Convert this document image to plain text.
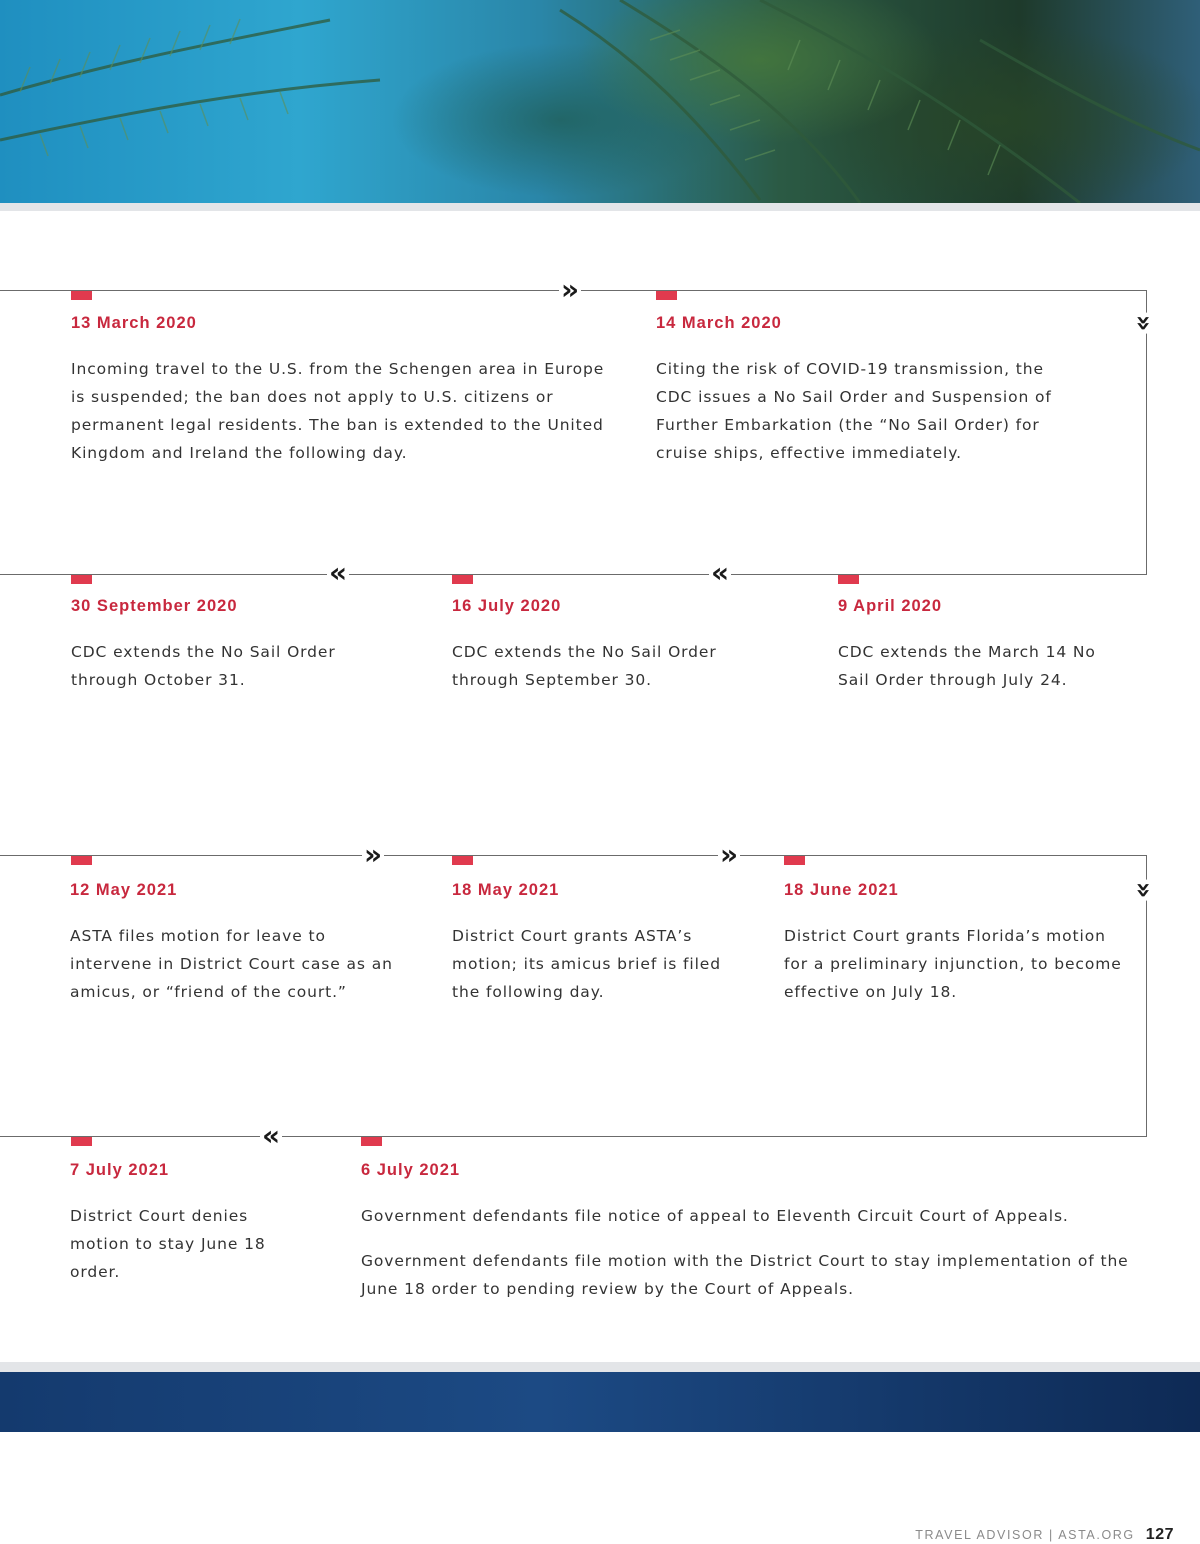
»
»
«
«
»	»
»
«
13 March 2020

Incoming travel to the U.S. from the Schengen area in Europe is suspended; the ban does not apply to U.S. citizens or permanent legal residents. The ban is extended to the United Kingdom and Ireland the following day.

14 March 2020

Citing the risk of COVID-19 transmission, the CDC issues a No Sail Order and Suspension of Further Embarkation (the “No Sail Order) for cruise ships, effective immediately.

9 April 2020

CDC extends the March 14 No Sail Order through July 24.

16 July 2020

CDC extends the No Sail Order through September 30.

30 September 2020

CDC extends the No Sail Order through October 31.

12 May 2021

ASTA files motion for leave to intervene in District Court case as an amicus, or “friend of the court.”

18 May 2021

District Court grants ASTA’s motion; its amicus brief is filed the following day.

18 June 2021

District Court grants Florida’s motion for a preliminary injunction, to become effective on July 18.

6 July 2021

Government defendants file notice of appeal to Eleventh Circuit Court of Appeals.

Government defendants file motion with the District Court to stay implementation of the June 18 order to pending review by the Court of Appeals.

7 July 2021

District Court denies motion to stay June 18 order.

TRAVEL ADVISOR | ASTA.ORG 127
